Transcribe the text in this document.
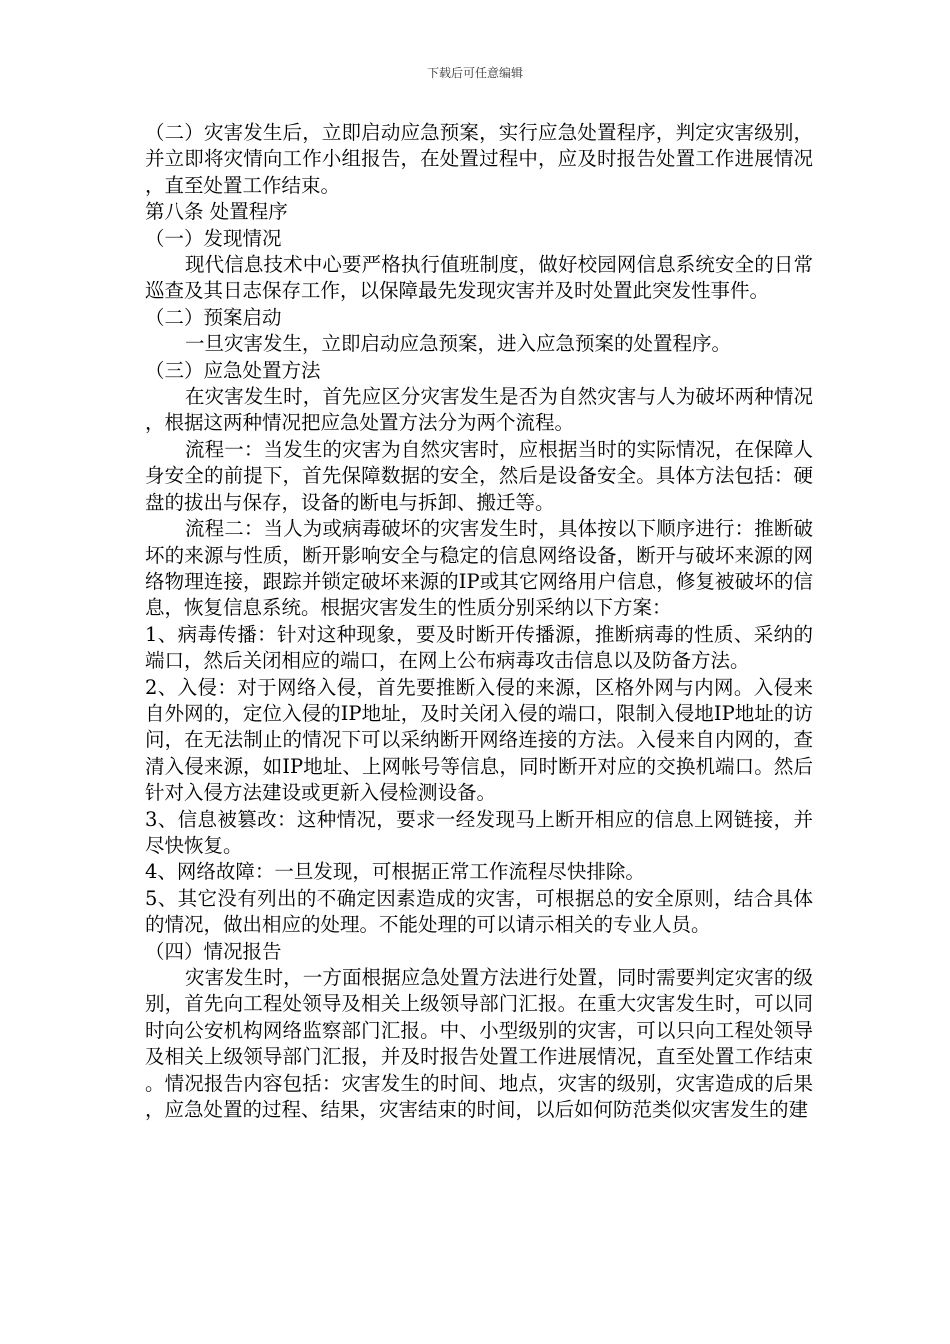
下载后可任意编辑

（二）灾害发生后，立即启动应急预案，实行应急处置程序，判定灾害级别，并立即将灾情向工作小组报告，在处置过程中，应及时报告处置工作进展情况，直至处置工作结束。

第八条 处置程序

（一）发现情况

现代信息技术中心要严格执行值班制度，做好校园网信息系统安全的日常巡查及其日志保存工作，以保障最先发现灾害并及时处置此突发性事件。

（二）预案启动

一旦灾害发生，立即启动应急预案，进入应急预案的处置程序。

（三）应急处置方法

在灾害发生时，首先应区分灾害发生是否为自然灾害与人为破坏两种情况，根据这两种情况把应急处置方法分为两个流程。

流程一：当发生的灾害为自然灾害时，应根据当时的实际情况，在保障人身安全的前提下，首先保障数据的安全，然后是设备安全。具体方法包括：硬盘的拔出与保存，设备的断电与拆卸、搬迁等。

流程二：当人为或病毒破坏的灾害发生时，具体按以下顺序进行：推断破坏的来源与性质，断开影响安全与稳定的信息网络设备，断开与破坏来源的网络物理连接，跟踪并锁定破坏来源的IP或其它网络用户信息，修复被破坏的信息，恢复信息系统。根据灾害发生的性质分别采纳以下方案：

1、病毒传播：针对这种现象，要及时断开传播源，推断病毒的性质、采纳的端口，然后关闭相应的端口，在网上公布病毒攻击信息以及防备方法。

2、入侵：对于网络入侵，首先要推断入侵的来源，区格外网与内网。入侵来自外网的，定位入侵的IP地址，及时关闭入侵的端口，限制入侵地IP地址的访问，在无法制止的情况下可以采纳断开网络连接的方法。入侵来自内网的，查清入侵来源，如IP地址、上网帐号等信息，同时断开对应的交换机端口。然后针对入侵方法建设或更新入侵检测设备。

3、信息被篡改：这种情况，要求一经发现马上断开相应的信息上网链接，并尽快恢复。

4、网络故障：一旦发现，可根据正常工作流程尽快排除。

5、其它没有列出的不确定因素造成的灾害，可根据总的安全原则，结合具体的情况，做出相应的处理。不能处理的可以请示相关的专业人员。

（四）情况报告

灾害发生时，一方面根据应急处置方法进行处置，同时需要判定灾害的级别，首先向工程处领导及相关上级领导部门汇报。在重大灾害发生时，可以同时向公安机构网络监察部门汇报。中、小型级别的灾害，可以只向工程处领导及相关上级领导部门汇报，并及时报告处置工作进展情况，直至处置工作结束。情况报告内容包括：灾害发生的时间、地点，灾害的级别，灾害造成的后果，应急处置的过程、结果，灾害结束的时间，以后如何防范类似灾害发生的建
